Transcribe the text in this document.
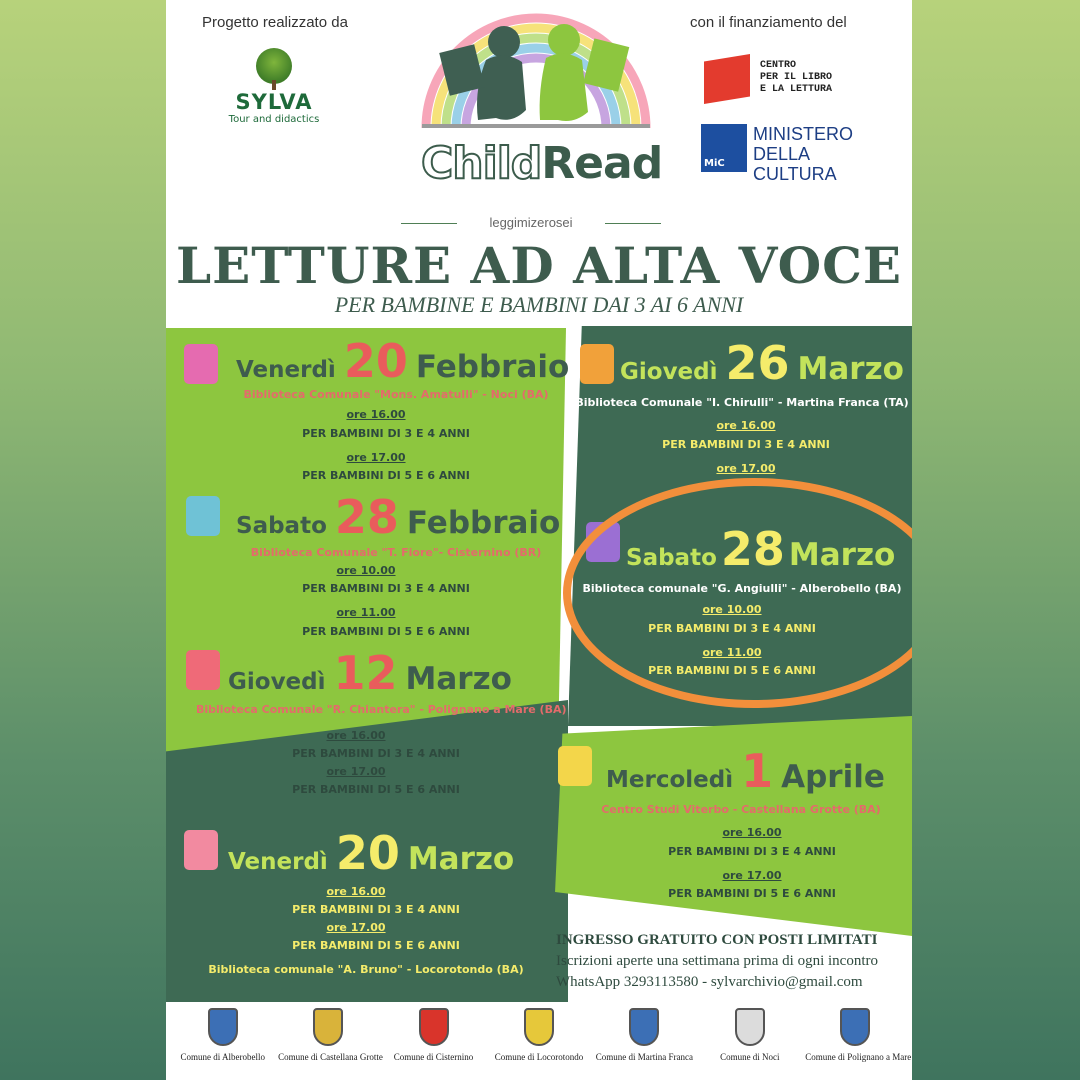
Progetto realizzato da	con il finanziamento del
SYLVA
Tour and didactics
ChildRead
CENTRO
PER IL LIBRO
E LA LETTURA
MiC
MINISTERO
DELLA
CULTURA
leggimizerosei
LETTURE AD ALTA VOCE
PER BAMBINE E BAMBINI DAI 3 AI 6 ANNI
Venerdì 20 Febbraio
Biblioteca Comunale "Mons. Amatulli" - Noci (BA)
ore 16.00
PER BAMBINI DI 3 E 4 ANNI
ore 17.00
PER BAMBINI DI 5 E 6 ANNI
Sabato 28 Febbraio
Biblioteca Comunale "T. Fiore"- Cisternino (BR)
ore 10.00
PER BAMBINI DI 3 E 4 ANNI
ore 11.00
PER BAMBINI DI 5 E 6 ANNI
Giovedì 12 Marzo
Biblioteca Comunale "R. Chiantera" - Polignano a Mare (BA)
ore 16.00
PER BAMBINI DI 3 E 4 ANNI
ore 17.00
PER BAMBINI DI 5 E 6 ANNI
Giovedì 26 Marzo
Biblioteca Comunale "I. Chirulli" - Martina Franca (TA)
ore 16.00
PER BAMBINI DI 3 E 4 ANNI
ore 17.00
Sabato28 Marzo
Biblioteca comunale "G. Angiulli" - Alberobello (BA)
ore 10.00
PER BAMBINI DI 3 E 4 ANNI
ore 11.00
PER BAMBINI DI 5 E 6 ANNI
Mercoledì 1 Aprile
Centro Studi Viterbo - Castellana Grotte (BA)
ore 16.00
PER BAMBINI DI 3 E 4 ANNI
ore 17.00
PER BAMBINI DI 5 E 6 ANNI
Venerdì 20 Marzo
ore 16.00
PER BAMBINI DI 3 E 4 ANNI
ore 17.00
PER BAMBINI DI 5 E 6 ANNI
Biblioteca comunale "A. Bruno" - Locorotondo (BA)
INGRESSO GRATUITO CON POSTI LIMITATI
Iscrizioni aperte una settimana prima di ogni incontro
WhatsApp 3293113580 - sylvarchivio@gmail.com
Comune di Alberobello	Comune di Castellana Grotte	Comune di Cisternino	Comune di Locorotondo	Comune di Martina Franca	Comune di Noci	Comune di Polignano a Mare
